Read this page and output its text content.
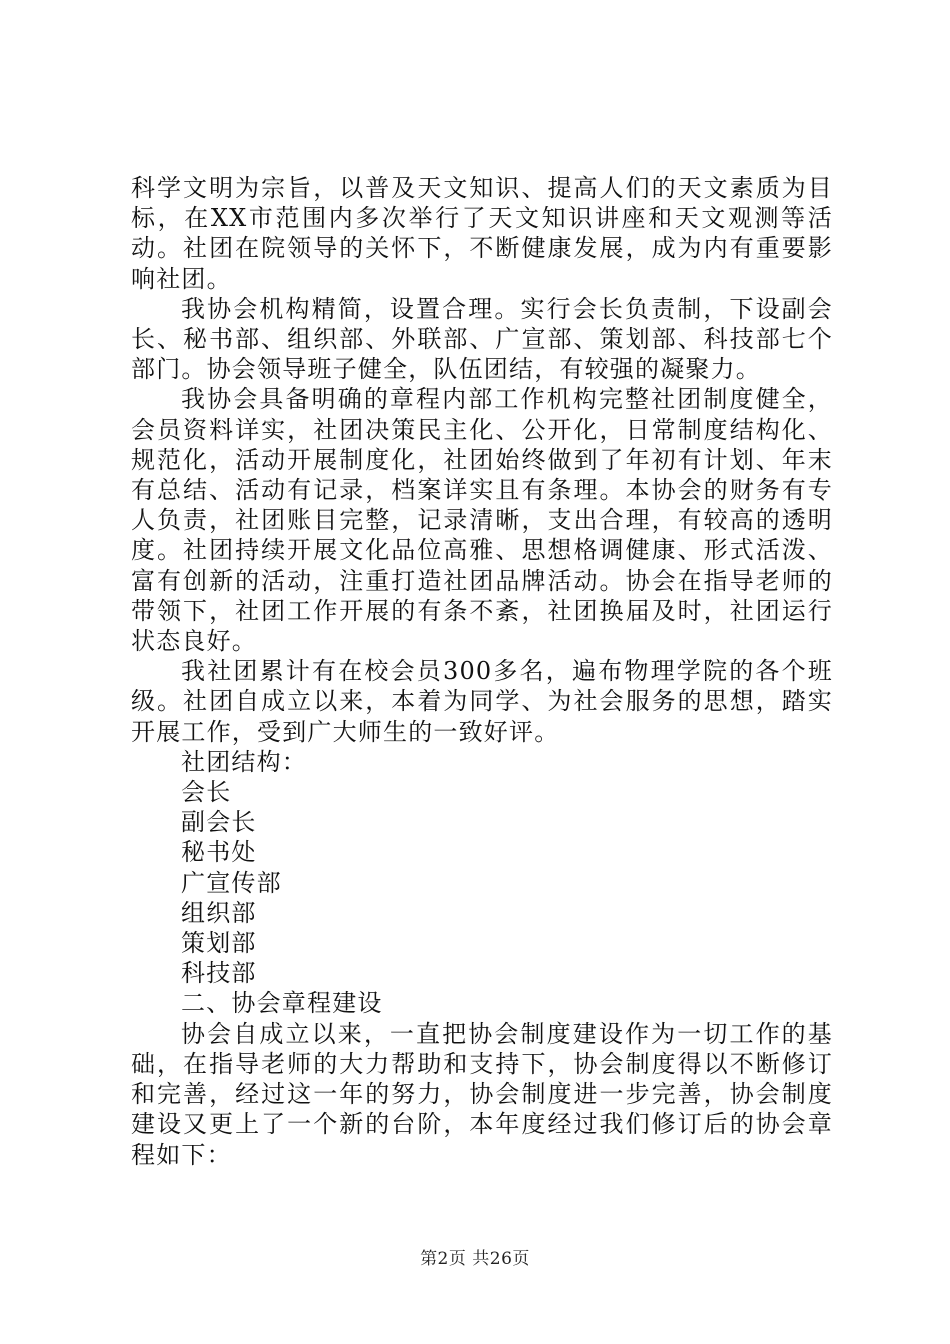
科学文明为宗旨，以普及天文知识、提高人们的天文素质为目标，在XX市范围内多次举行了天文知识讲座和天文观测等活动。社团在院领导的关怀下，不断健康发展，成为内有重要影响社团。

我协会机构精简，设置合理。实行会长负责制，下设副会长、秘书部、组织部、外联部、广宣部、策划部、科技部七个部门。协会领导班子健全，队伍团结，有较强的凝聚力。

我协会具备明确的章程内部工作机构完整社团制度健全，会员资料详实，社团决策民主化、公开化，日常制度结构化、规范化，活动开展制度化，社团始终做到了年初有计划、年末有总结、活动有记录，档案详实且有条理。本协会的财务有专人负责，社团账目完整，记录清晰，支出合理，有较高的透明度。社团持续开展文化品位高雅、思想格调健康、形式活泼、富有创新的活动，注重打造社团品牌活动。协会在指导老师的带领下，社团工作开展的有条不紊，社团换届及时，社团运行状态良好。

我社团累计有在校会员300多名，遍布物理学院的各个班级。社团自成立以来，本着为同学、为社会服务的思想，踏实开展工作，受到广大师生的一致好评。

社团结构：

会长

副会长

秘书处

广宣传部

组织部

策划部

科技部

二、协会章程建设

协会自成立以来，一直把协会制度建设作为一切工作的基础，在指导老师的大力帮助和支持下，协会制度得以不断修订和完善，经过这一年的努力，协会制度进一步完善，协会制度建设又更上了一个新的台阶，本年度经过我们修订后的协会章程如下：

第2页 共26页
